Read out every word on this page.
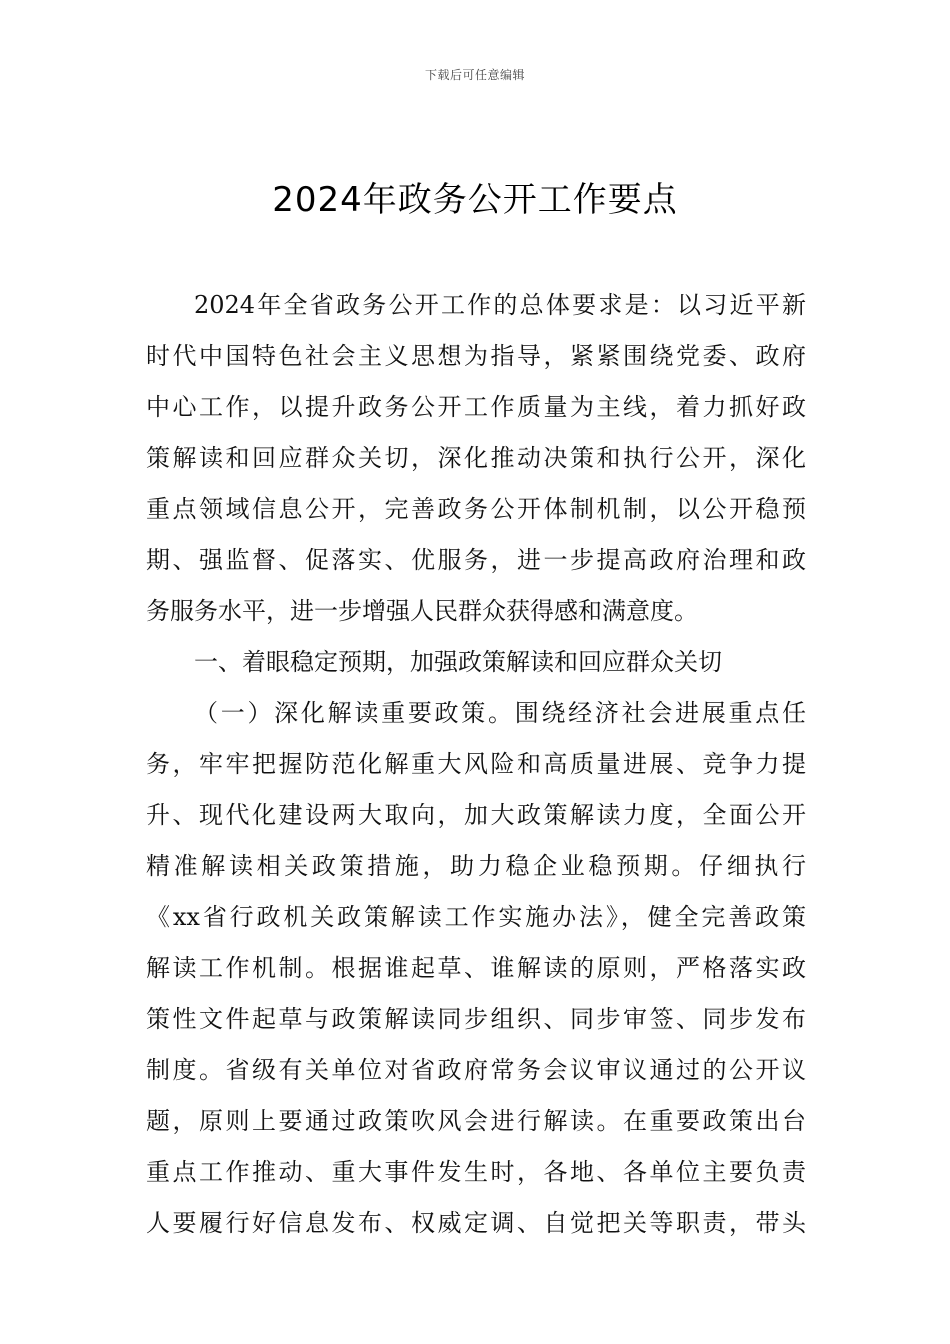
下载后可任意编辑
2024年政务公开工作要点
2024年全省政务公开工作的总体要求是：以习近平新
时代中国特色社会主义思想为指导，紧紧围绕党委、政府
中心工作，以提升政务公开工作质量为主线，着力抓好政
策解读和回应群众关切，深化推动决策和执行公开，深化
重点领域信息公开，完善政务公开体制机制，以公开稳预
期、强监督、促落实、优服务，进一步提高政府治理和政
务服务水平，进一步增强人民群众获得感和满意度。
一、着眼稳定预期，加强政策解读和回应群众关切
（一）深化解读重要政策。围绕经济社会进展重点任
务，牢牢把握防范化解重大风险和高质量进展、竞争力提
升、现代化建设两大取向，加大政策解读力度，全面公开
精准解读相关政策措施，助力稳企业稳预期。仔细执行
《xx省行政机关政策解读工作实施办法》，健全完善政策
解读工作机制。根据谁起草、谁解读的原则，严格落实政
策性文件起草与政策解读同步组织、同步审签、同步发布
制度。省级有关单位对省政府常务会议审议通过的公开议
题，原则上要通过政策吹风会进行解读。在重要政策出台
重点工作推动、重大事件发生时，各地、各单位主要负责
人要履行好信息发布、权威定调、自觉把关等职责，带头
